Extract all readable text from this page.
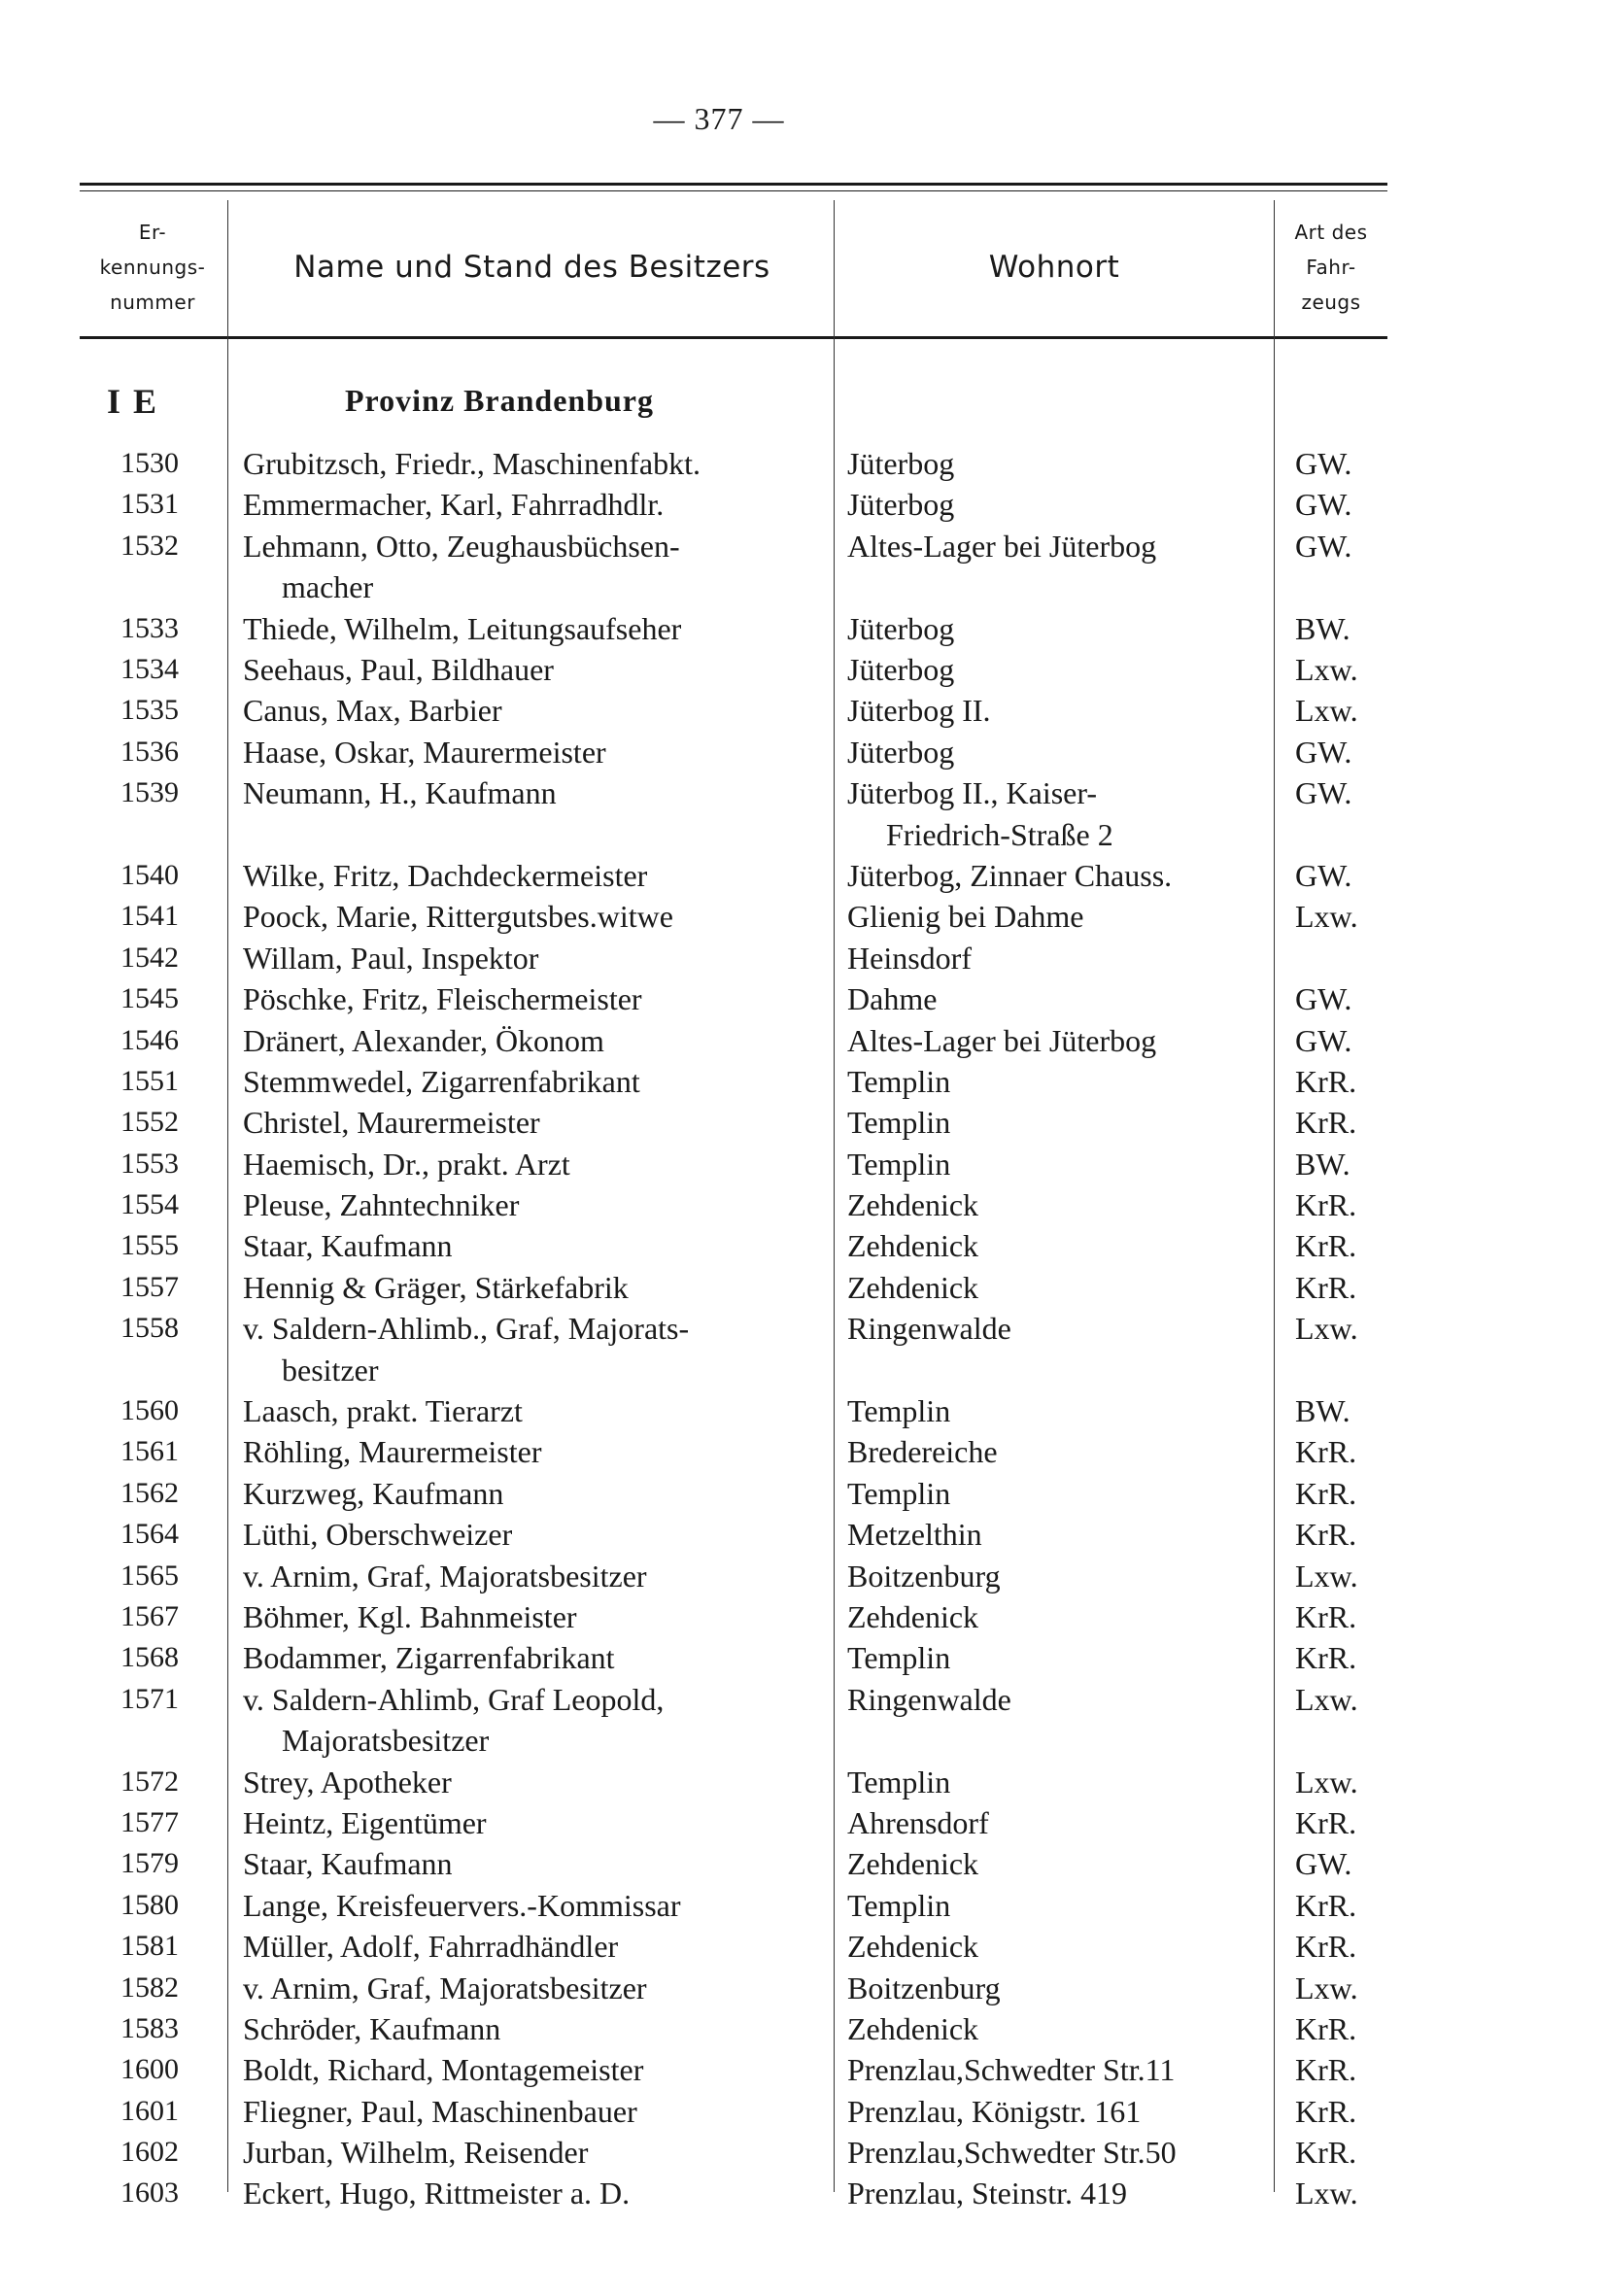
— 377 —
Er-
kennungs-
nummer
Name und Stand des Besitzers	Wohnort
Art des
Fahr-
zeugs
I E	Provinz Brandenburg
1530 Grubitzsch, Friedr., Maschinenfabkt.	Jüterbog	GW.
1531 Emmermacher, Karl, Fahrradhdlr.	Jüterbog	GW.
1532 Lehmann, Otto, Zeughausbüchsen-	Altes-Lager bei Jüterbog	GW.
macher
1533 Thiede, Wilhelm, Leitungsaufseher	Jüterbog	BW.
1534 Seehaus, Paul, Bildhauer	Jüterbog	Lxw.
1535 Canus, Max, Barbier	Jüterbog II.	Lxw.
1536 Haase, Oskar, Maurermeister	Jüterbog	GW.
1539 Neumann, H., Kaufmann	Jüterbog II., Kaiser-	GW.
Friedrich-Straße 2
1540 Wilke, Fritz, Dachdeckermeister	Jüterbog, Zinnaer Chauss.	GW.
1541 Poock, Marie, Rittergutsbes.witwe	Glienig bei Dahme	Lxw.
1542 Willam, Paul, Inspektor	Heinsdorf
1545 Pöschke, Fritz, Fleischermeister	Dahme	GW.
1546 Dränert, Alexander, Ökonom	Altes-Lager bei Jüterbog	GW.
1551 Stemmwedel, Zigarrenfabrikant	Templin	KrR.
1552 Christel, Maurermeister	Templin	KrR.
1553 Haemisch, Dr., prakt. Arzt	Templin	BW.
1554 Pleuse, Zahntechniker	Zehdenick	KrR.
1555 Staar, Kaufmann	Zehdenick	KrR.
1557 Hennig & Gräger, Stärkefabrik	Zehdenick	KrR.
1558 v. Saldern-Ahlimb., Graf, Majorats-	Ringenwalde	Lxw.
besitzer
1560 Laasch, prakt. Tierarzt	Templin	BW.
1561 Röhling, Maurermeister	Bredereiche	KrR.
1562 Kurzweg, Kaufmann	Templin	KrR.
1564 Lüthi, Oberschweizer	Metzelthin	KrR.
1565 v. Arnim, Graf, Majoratsbesitzer	Boitzenburg	Lxw.
1567 Böhmer, Kgl. Bahnmeister	Zehdenick	KrR.
1568 Bodammer, Zigarrenfabrikant	Templin	KrR.
1571 v. Saldern-Ahlimb, Graf Leopold,	Ringenwalde	Lxw.
Majoratsbesitzer
1572 Strey, Apotheker	Templin	Lxw.
1577 Heintz, Eigentümer	Ahrensdorf	KrR.
1579 Staar, Kaufmann	Zehdenick	GW.
1580 Lange, Kreisfeuervers.-Kommissar	Templin	KrR.
1581 Müller, Adolf, Fahrradhändler	Zehdenick	KrR.
1582 v. Arnim, Graf, Majoratsbesitzer	Boitzenburg	Lxw.
1583 Schröder, Kaufmann	Zehdenick	KrR.
1600 Boldt, Richard, Montagemeister	Prenzlau,Schwedter Str.11	KrR.
1601 Fliegner, Paul, Maschinenbauer	Prenzlau, Königstr. 161	KrR.
1602 Jurban, Wilhelm, Reisender	Prenzlau,Schwedter Str.50	KrR.
1603 Eckert, Hugo, Rittmeister a. D.	Prenzlau, Steinstr. 419	Lxw.
